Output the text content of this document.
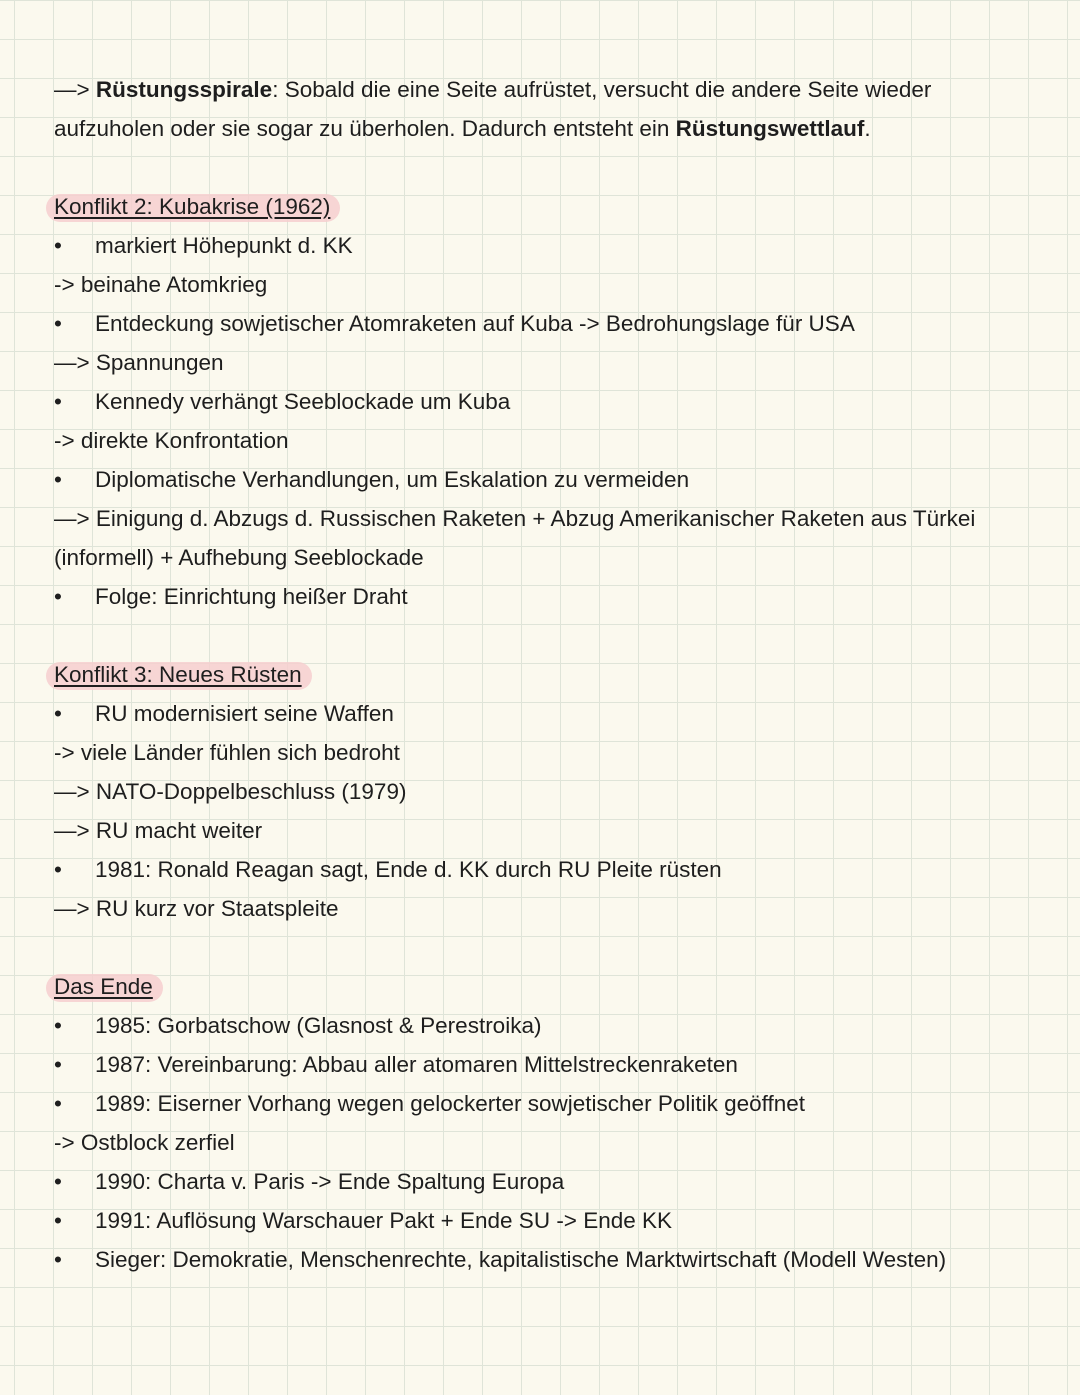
—> Rüstungsspirale: Sobald die eine Seite aufrüstet, versucht die andere Seite wieder aufzuholen oder sie sogar zu überholen. Dadurch entsteht ein Rüstungswettlauf.
Konflikt 2: Kubakrise (1962)
• markiert Höhepunkt d. KK
-> beinahe Atomkrieg
• Entdeckung sowjetischer Atomraketen auf Kuba -> Bedrohungslage für USA
—> Spannungen
• Kennedy verhängt Seeblockade um Kuba
-> direkte Konfrontation
• Diplomatische Verhandlungen, um Eskalation zu vermeiden
—> Einigung d. Abzugs d. Russischen Raketen + Abzug Amerikanischer Raketen aus Türkei
(informell) + Aufhebung Seeblockade
• Folge: Einrichtung heißer Draht
Konflikt 3: Neues Rüsten
• RU modernisiert seine Waffen
-> viele Länder fühlen sich bedroht
—> NATO-Doppelbeschluss (1979)
—> RU macht weiter
• 1981: Ronald Reagan sagt, Ende d. KK durch RU Pleite rüsten
—> RU kurz vor Staatspleite
Das Ende
• 1985: Gorbatschow (Glasnost & Perestroika)
• 1987: Vereinbarung: Abbau aller atomaren Mittelstreckenraketen
• 1989: Eiserner Vorhang wegen gelockerter sowjetischer Politik geöffnet
-> Ostblock zerfiel
• 1990: Charta v. Paris -> Ende Spaltung Europa
• 1991: Auflösung Warschauer Pakt + Ende SU -> Ende KK
• Sieger: Demokratie, Menschenrechte, kapitalistische Marktwirtschaft (Modell Westen)
